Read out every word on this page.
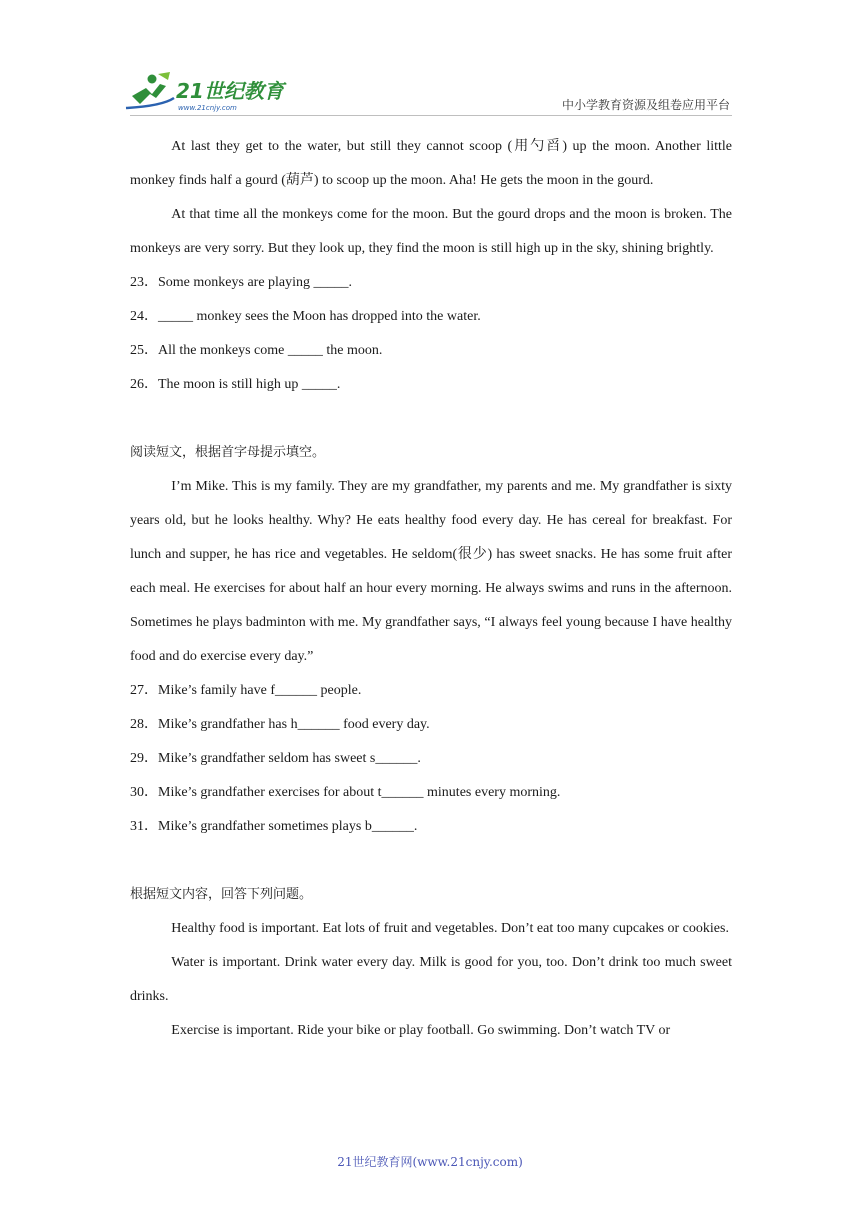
21世纪教育
www.21cnjy.com	中小学教育资源及组卷应用平台

At last they get to the water, but still they cannot scoop (用勺舀) up the moon. Another little monkey finds half a gourd (葫芦) to scoop up the moon. Aha! He gets the moon in the gourd.

At that time all the monkeys come for the moon. But the gourd drops and the moon is broken. The monkeys are very sorry. But they look up, they find the moon is still high up in the sky, shining brightly.

23．Some monkeys are playing _____.

24．_____ monkey sees the Moon has dropped into the water.

25．All the monkeys come _____ the moon.

26．The moon is still high up _____.

阅读短文，根据首字母提示填空。

I’m Mike. This is my family. They are my grandfather, my parents and me. My grandfather is sixty years old, but he looks healthy. Why? He eats healthy food every day. He has cereal for breakfast. For lunch and supper, he has rice and vegetables. He seldom(很少) has sweet snacks. He has some fruit after each meal. He exercises for about half an hour every morning. He always swims and runs in the afternoon. Sometimes he plays badminton with me. My grandfather says, “I always feel young because I have healthy food and do exercise every day.”

27．Mike’s family have f______ people.

28．Mike’s grandfather has h______ food every day.

29．Mike’s grandfather seldom has sweet s______.

30．Mike’s grandfather exercises for about t______ minutes every morning.

31．Mike’s grandfather sometimes plays b______.

根据短文内容，回答下列问题。

Healthy food is important. Eat lots of fruit and vegetables. Don’t eat too many cupcakes or cookies.

Water is important. Drink water every day. Milk is good for you, too. Don’t drink too much sweet drinks.

Exercise is important. Ride your bike or play football. Go swimming. Don’t watch TV or

21世纪教育网(www.21cnjy.com)
